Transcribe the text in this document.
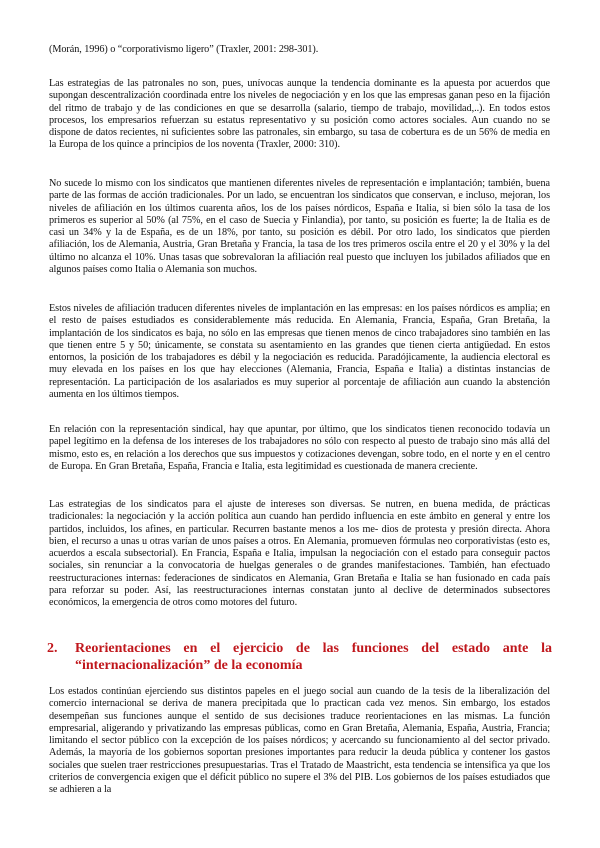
(Morán, 1996) o “corporativismo ligero” (Traxler, 2001: 298-301).

Las estrategias de las patronales no son, pues, unívocas aunque la tendencia dominante es la apuesta por acuerdos que supongan descentralización coordinada entre los niveles de negociación y en los que las empresas ganan peso en la fijación del ritmo de trabajo y de las condiciones en que se desarrolla (salario, tiempo de trabajo, movilidad,..). En todos estos procesos, los empresarios refuerzan su estatus representativo y su posición como actores sociales. Aun cuando no se dispone de datos recientes, ni suficientes sobre las patronales, sin embargo, su tasa de cobertura es de un 56% de media en la Europa de los quince a principios de los noventa (Traxler, 2000: 310).

No sucede lo mismo con los sindicatos que mantienen diferentes niveles de representación e implantación; también, buena parte de las formas de acción tradicionales. Por un lado, se encuentran los sindicatos que conservan, e incluso, mejoran, los niveles de afiliación en los últimos cuarenta años, los de los países nórdicos, España e Italia, si bien sólo la tasa de los primeros es superior al 50% (al 75%, en el caso de Suecia y Finlandia), por tanto, su posición es fuerte; la de Italia es de casi un 34% y la de España, es de un 18%, por tanto, su posición es débil. Por otro lado, los sindicatos que pierden afiliación, los de Alemania, Austria, Gran Bretaña y Francia, la tasa de los tres primeros oscila entre el 20 y el 30% y la del último no alcanza el 10%. Unas tasas que sobrevaloran la afiliación real puesto que incluyen los jubilados afiliados que en algunos países como Italia o Alemania son muchos.

Estos niveles de afiliación traducen diferentes niveles de implantación en las empresas: en los países nórdicos es amplia; en el resto de países estudiados es considerablemente más reducida. En Alemania, Francia, España, Gran Bretaña, la implantación de los sindicatos es baja, no sólo en las empresas que tienen menos de cinco trabajadores sino también en las que tienen entre 5 y 50; únicamente, se constata su asentamiento en las grandes que tienen cierta antigüedad. En estos entornos, la posición de los trabajadores es débil y la negociación es reducida. Paradójicamente, la audiencia electoral es muy elevada en los países en los que hay elecciones (Alemania, Francia, España e Italia) a distintas instancias de representación. La participación de los asalariados es muy superior al porcentaje de afiliación aun cuando la abstención aumenta en los últimos tiempos.

En relación con la representación sindical, hay que apuntar, por último, que los sindicatos tienen reconocido todavía un papel legítimo en la defensa de los intereses de los trabajadores no sólo con respecto al puesto de trabajo sino más allá del mismo, esto es, en relación a los derechos que sus impuestos y cotizaciones devengan, sobre todo, en el norte y en el centro de Europa. En Gran Bretaña, España, Francia e Italia, esta legitimidad es cuestionada de manera creciente.

Las estrategias de los sindicatos para el ajuste de intereses son diversas. Se nutren, en buena medida, de prácticas tradicionales: la negociación y la acción política aun cuando han perdido influencia en este ámbito en general y entre los partidos, incluidos, los afines, en particular. Recurren bastante menos a los me- dios de protesta y presión directa. Ahora bien, el recurso a unas u otras varían de unos países a otros. En Alemania, promueven fórmulas neo corporativistas (esto es, acuerdos a escala subsectorial). En Francia, España e Italia, impulsan la negociación con el estado para conseguir pactos sociales, sin renunciar a la convocatoria de huelgas generales o de grandes manifestaciones. También, han efectuado reestructuraciones internas: federaciones de sindicatos en Alemania, Gran Bretaña e Italia se han fusionado en cada país para reforzar su poder. Así, las reestructuraciones internas constatan junto al declive de determinados subsectores económicos, la emergencia de otros como motores del futuro.

2.	Reorientaciones en el ejercicio de las funciones del estado ante la “internacionalización” de la economía

Los estados continúan ejerciendo sus distintos papeles en el juego social aun cuando de la tesis de la liberalización del comercio internacional se deriva de manera precipitada que lo practican cada vez menos. Sin embargo, los estados desempeñan sus funciones aunque el sentido de sus decisiones traduce reorientaciones en las mismas. La función empresarial, aligerando y privatizando las empresas públicas, como en Gran Bretaña, Alemania, España, Austria, Francia; limitando el sector público con la excepción de los países nórdicos; y acercando su funcionamiento al del sector privado. Además, la mayoría de los gobiernos soportan presiones importantes para reducir la deuda pública y contener los gastos sociales que suelen traer restricciones presupuestarias. Tras el Tratado de Maastricht, esta tendencia se intensifica ya que los criterios de convergencia exigen que el déficit público no supere el 3% del PIB. Los gobiernos de los países estudiados que se adhieren a la
